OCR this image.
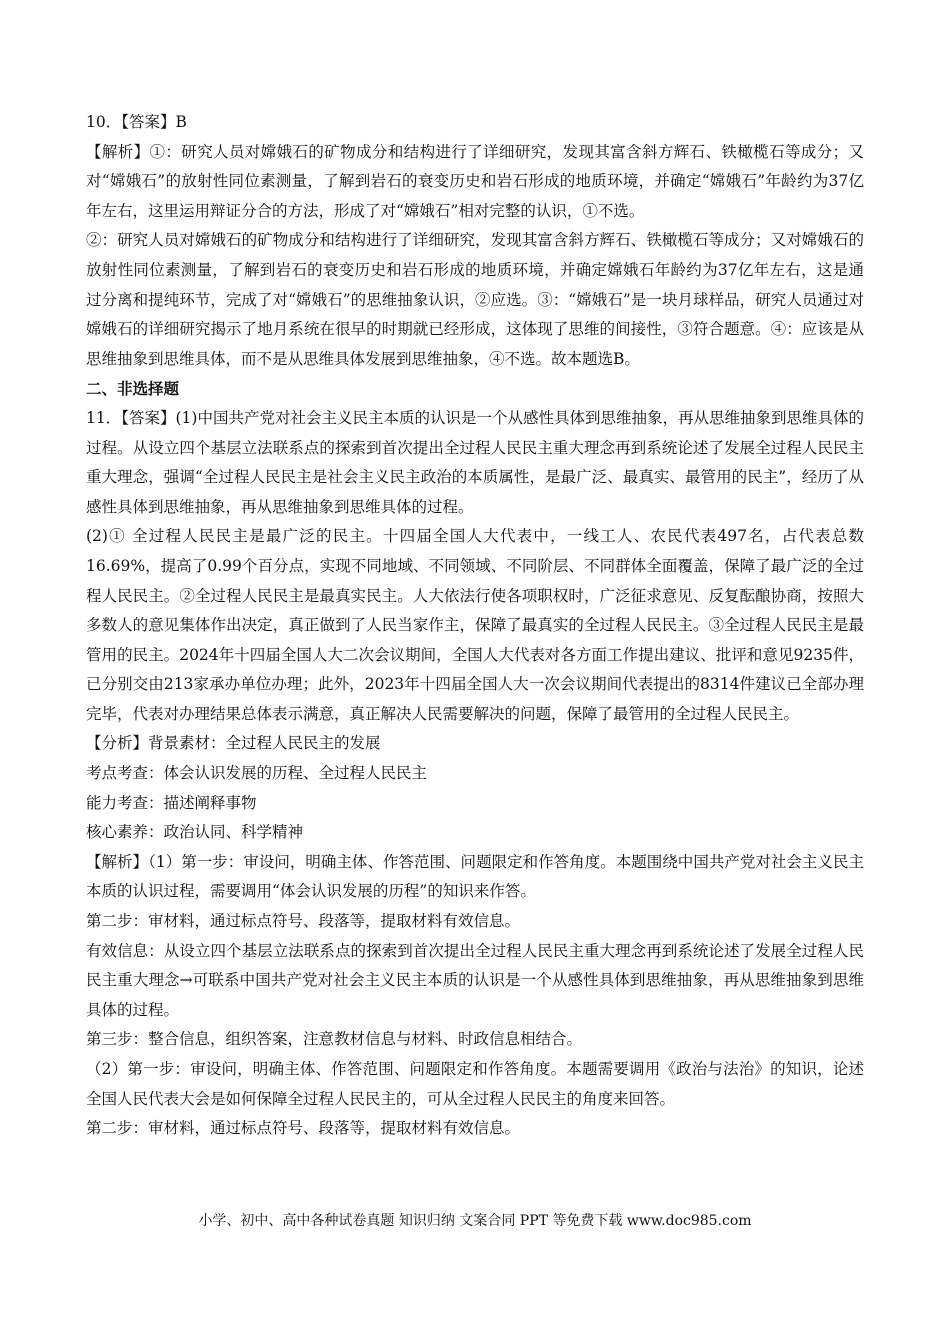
10．【答案】B

【解析】①：研究人员对嫦娥石的矿物成分和结构进行了详细研究，发现其富含斜方辉石、铁橄榄石等成分；又对“嫦娥石”的放射性同位素测量，了解到岩石的衰变历史和岩石形成的地质环境，并确定“嫦娥石”年龄约为37亿年左右，这里运用辩证分合的方法，形成了对“嫦娥石”相对完整的认识，①不选。

②：研究人员对嫦娥石的矿物成分和结构进行了详细研究，发现其富含斜方辉石、铁橄榄石等成分；又对嫦娥石的放射性同位素测量，了解到岩石的衰变历史和岩石形成的地质环境，并确定嫦娥石年龄约为37亿年左右，这是通过分离和提纯环节，完成了对“嫦娥石”的思维抽象认识，②应选。③：“嫦娥石”是一块月球样品，研究人员通过对嫦娥石的详细研究揭示了地月系统在很早的时期就已经形成，这体现了思维的间接性，③符合题意。④：应该是从思维抽象到思维具体，而不是从思维具体发展到思维抽象，④不选。故本题选B。

二、非选择题

11．【答案】(1)中国共产党对社会主义民主本质的认识是一个从感性具体到思维抽象，再从思维抽象到思维具体的过程。从设立四个基层立法联系点的探索到首次提出全过程人民民主重大理念再到系统论述了发展全过程人民民主重大理念，强调“全过程人民民主是社会主义民主政治的本质属性，是最广泛、最真实、最管用的民主”，经历了从感性具体到思维抽象，再从思维抽象到思维具体的过程。

(2)① 全过程人民民主是最广泛的民主。十四届全国人大代表中，一线工人、农民代表497名，占代表总数16.69%，提高了0.99个百分点，实现不同地域、不同领域、不同阶层、不同群体全面覆盖，保障了最广泛的全过程人民民主。②全过程人民民主是最真实民主。人大依法行使各项职权时，广泛征求意见、反复酝酿协商，按照大多数人的意见集体作出决定，真正做到了人民当家作主，保障了最真实的全过程人民民主。③全过程人民民主是最管用的民主。2024年十四届全国人大二次会议期间，全国人大代表对各方面工作提出建议、批评和意见9235件，已分别交由213家承办单位办理；此外，2023年十四届全国人大一次会议期间代表提出的8314件建议已全部办理完毕，代表对办理结果总体表示满意，真正解决人民需要解决的问题，保障了最管用的全过程人民民主。

【分析】背景素材：全过程人民民主的发展

考点考查：体会认识发展的历程、全过程人民民主

能力考查：描述阐释事物

核心素养：政治认同、科学精神

【解析】（1）第一步：审设问，明确主体、作答范围、问题限定和作答角度。本题围绕中国共产党对社会主义民主本质的认识过程，需要调用“体会认识发展的历程”的知识来作答。

第二步：审材料，通过标点符号、段落等，提取材料有效信息。

有效信息：从设立四个基层立法联系点的探索到首次提出全过程人民民主重大理念再到系统论述了发展全过程人民民主重大理念→可联系中国共产党对社会主义民主本质的认识是一个从感性具体到思维抽象，再从思维抽象到思维具体的过程。

第三步：整合信息，组织答案，注意教材信息与材料、时政信息相结合。

（2）第一步：审设问，明确主体、作答范围、问题限定和作答角度。本题需要调用《政治与法治》的知识，论述全国人民代表大会是如何保障全过程人民民主的，可从全过程人民民主的角度来回答。

第二步：审材料，通过标点符号、段落等，提取材料有效信息。

小学、初中、高中各种试卷真题 知识归纳 文案合同 PPT 等免费下载 www.doc985.com
